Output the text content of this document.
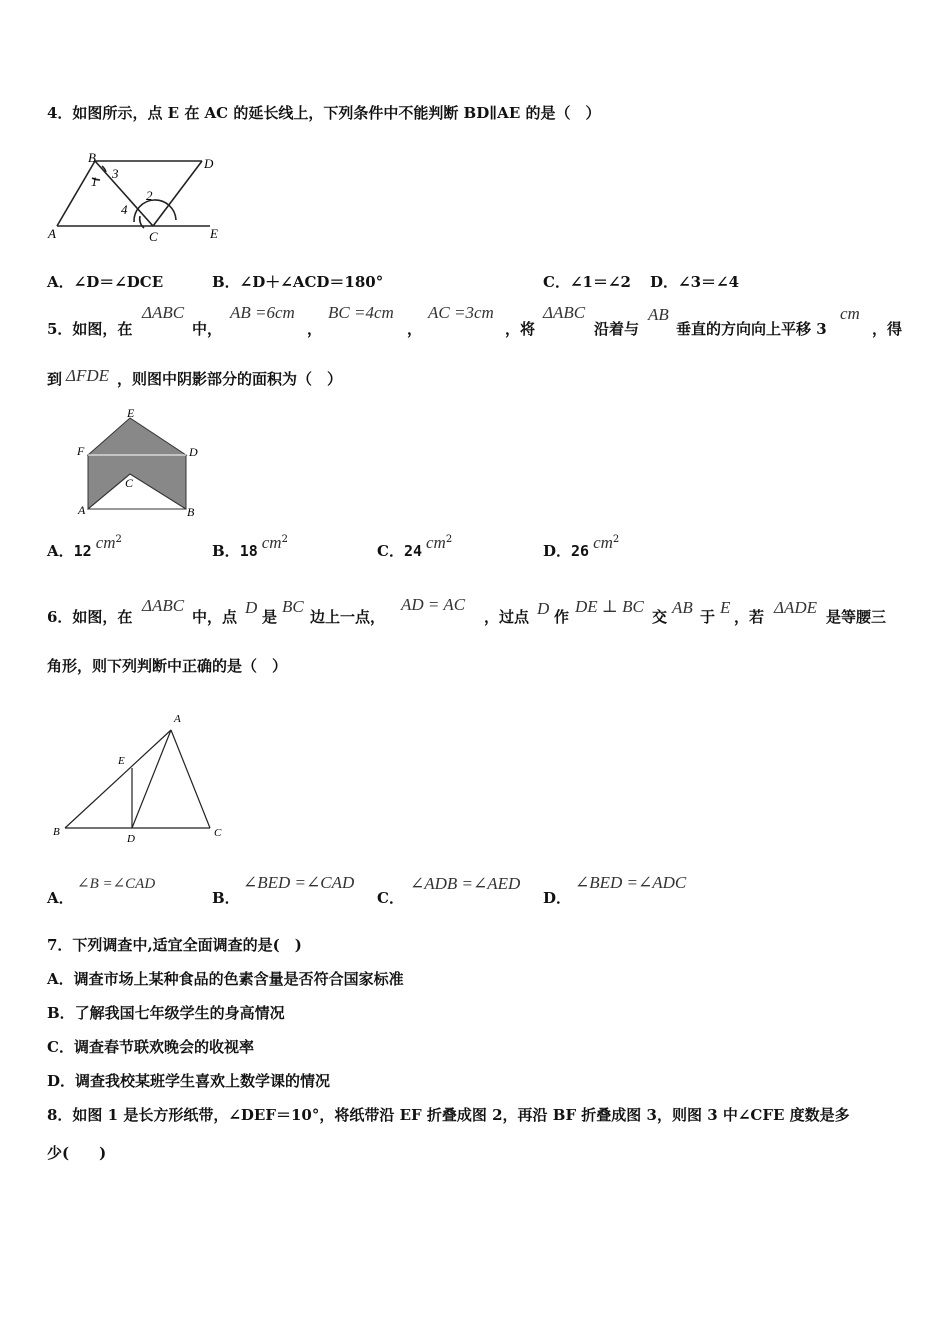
4．如图所示，点 E 在 AC 的延长线上，下列条件中不能判断 BD∥AE 的是（　）
B	D
A	C	E
1
3
2
4
A．∠D＝∠DCE	B．∠D＋∠ACD＝180°	C．∠1＝∠2 D．∠3＝∠4
5．如图，在
ΔABC
中，
AB =6cm
，
BC =4cm
，
AC =3cm
，将
ΔABC
沿着与
AB
垂直的方向向上平移 3
cm
，得
到 ΔFDE ，则图中阴影部分的面积为（　）
E
F	D
C
A	B
A．12 $cm^2$
B．18 $cm^2$
C．24 $cm^2$
D．26 $cm^2$
6．如图，在
ΔABC
中，点 D 是
BC
边上一点，
AD = AC
，过点 D 作
DE ⊥ BC
交 AB 于 E ，若 ΔADE 是等腰三
角形，则下列判断中正确的是（　）
A
E
B
D	C
A．
∠B =∠CAD
B．
∠BED =∠CAD
C．
∠ADB =∠AED
D．
∠BED =∠ADC
7．下列调查中,适宜全面调查的是(　)
A．调查市场上某种食品的色素含量是否符合国家标准
B．了解我国七年级学生的身高情况
C．调查春节联欢晚会的收视率
D．调查我校某班学生喜欢上数学课的情况
8．如图 1 是长方形纸带，∠DEF＝10°，将纸带沿 EF 折叠成图 2，再沿 BF 折叠成图 3，则图 3 中∠CFE 度数是多
少(　　)
